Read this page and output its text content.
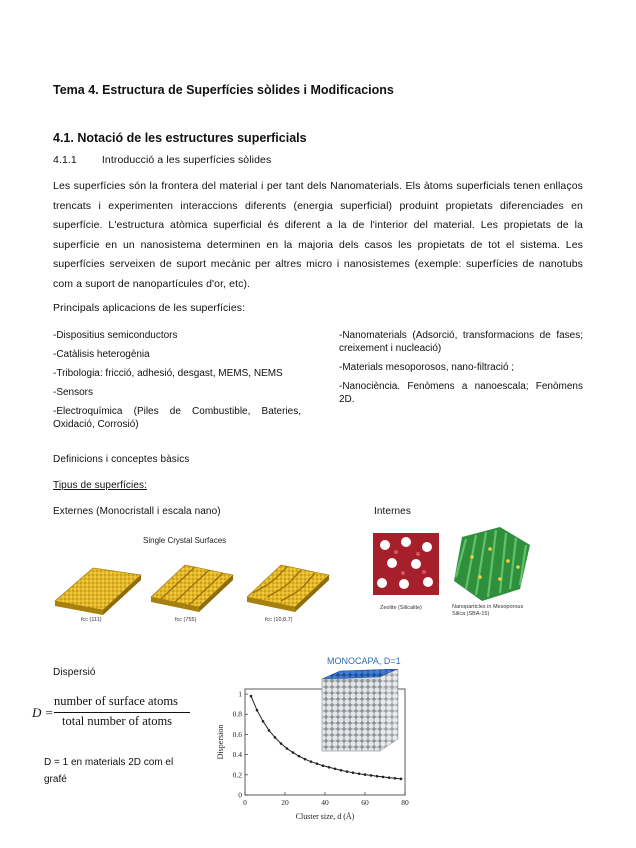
Tema 4. Estructura de Superfícies sòlides i Modificacions
4.1. Notació de les estructures superficials
4.1.1 Introducció a les superfícies sòlides
Les superfícies són la frontera del material i per tant dels Nanomaterials. Els àtoms superficials tenen enllaços trencats i experimenten interaccions diferents (energia superficial) produint propietats diferenciades en superfície. L'estructura atòmica superficial és diferent a la de l'interior del material. Les propietats de la superfície en un nanosistema determinen en la majoria dels casos les propietats de tot el sistema. Les superfícies serveixen de suport mecànic per altres micro i nanosistemes (exemple: superfícies de nanotubs com a suport de nanopartícules d'or, etc).
Principals aplicacions de les superfícies:
-Dispositius semiconductors
-Catàlisis heterogènia
-Tribologia: fricció, adhesió, desgast, MEMS, NEMS
-Sensors
-Electroquímica (Piles de Combustible, Bateries, Oxidació, Corrosió)
-Nanomaterials (Adsorció, transformacions de fases; creixement i nucleació)
-Materials mesoporosos, nano-filtració ;
-Nanociència. Fenòmens a nanoescala; Fenòmens 2D.
Definicions i conceptes bàsics
Tipus de superfícies:
Externes (Monocristall i escala nano)	Internes
Single Crystal Surfaces
fcc (111)	fcc (755)	fcc (10,8,7)
Zeolite (Silicalite)	Nanoparticles in Mesoporous Silica (SBA-15)
Dispersió
D =
number of surface atoms
total number of atoms
D = 1 en materials 2D com el grafé
0	20	40	60	80
0
0.2
0.4
0.6
0.8
1
Cluster size, d (Å)
Dispersion
MONOCAPA, D=1
